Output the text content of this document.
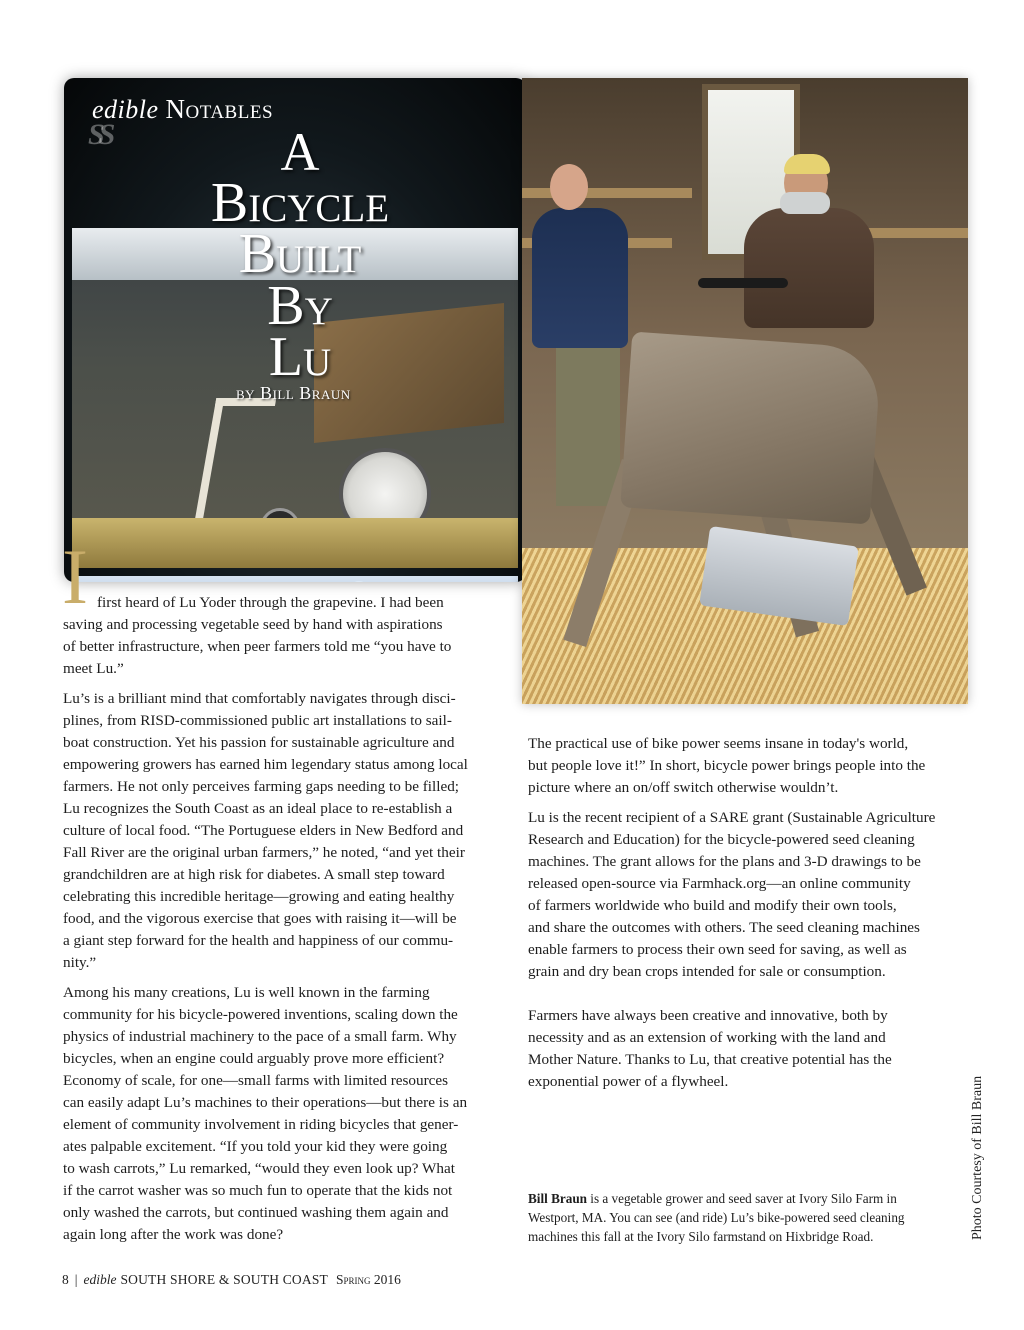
edible Notables
SS	A
Bicycle
Built
By
Lu
by Bill Braun
Photo Courtesy of Bill Braun
I first heard of Lu Yoder through the grapevine. I had been
saving and processing vegetable seed by hand with aspirations
of better infrastructure, when peer farmers told me “you have to
meet Lu.”

Lu’s is a brilliant mind that comfortably navigates through disci-
plines, from RISD-commissioned public art installations to sail-
boat construction. Yet his passion for sustainable agriculture and
empowering growers has earned him legendary status among local
farmers. He not only perceives farming gaps needing to be filled;
Lu recognizes the South Coast as an ideal place to re-establish a
culture of local food. “The Portuguese elders in New Bedford and
Fall River are the original urban farmers,” he noted, “and yet their
grandchildren are at high risk for diabetes. A small step toward
celebrating this incredible heritage—growing and eating healthy
food, and the vigorous exercise that goes with raising it—will be
a giant step forward for the health and happiness of our commu-
nity.”

Among his many creations, Lu is well known in the farming
community for his bicycle-powered inventions, scaling down the
physics of industrial machinery to the pace of a small farm. Why
bicycles, when an engine could arguably prove more efficient?
Economy of scale, for one—small farms with limited resources
can easily adapt Lu’s machines to their operations—but there is an
element of community involvement in riding bicycles that gener-
ates palpable excitement. “If you told your kid they were going
to wash carrots,” Lu remarked, “would they even look up? What
if the carrot washer was so much fun to operate that the kids not
only washed the carrots, but continued washing them again and
again long after the work was done?

The practical use of bike power seems insane in today's world,
but people love it!” In short, bicycle power brings people into the
picture where an on/off switch otherwise wouldn’t.

Lu is the recent recipient of a SARE grant (Sustainable Agriculture
Research and Education) for the bicycle-powered seed cleaning
machines. The grant allows for the plans and 3-D drawings to be
released open-source via Farmhack.org—an online community
of farmers worldwide who build and modify their own tools,
and share the outcomes with others. The seed cleaning machines
enable farmers to process their own seed for saving, as well as
grain and dry bean crops intended for sale or consumption.

Farmers have always been creative and innovative, both by
necessity and as an extension of working with the land and
Mother Nature. Thanks to Lu, that creative potential has the
exponential power of a flywheel.

Bill Braun is a vegetable grower and seed saver at Ivory Silo Farm in
Westport, MA. You can see (and ride) Lu’s bike-powered seed cleaning
machines this fall at the Ivory Silo farmstand on Hixbridge Road.
8 | edible SOUTH SHORE & SOUTH COAST Spring 2016
